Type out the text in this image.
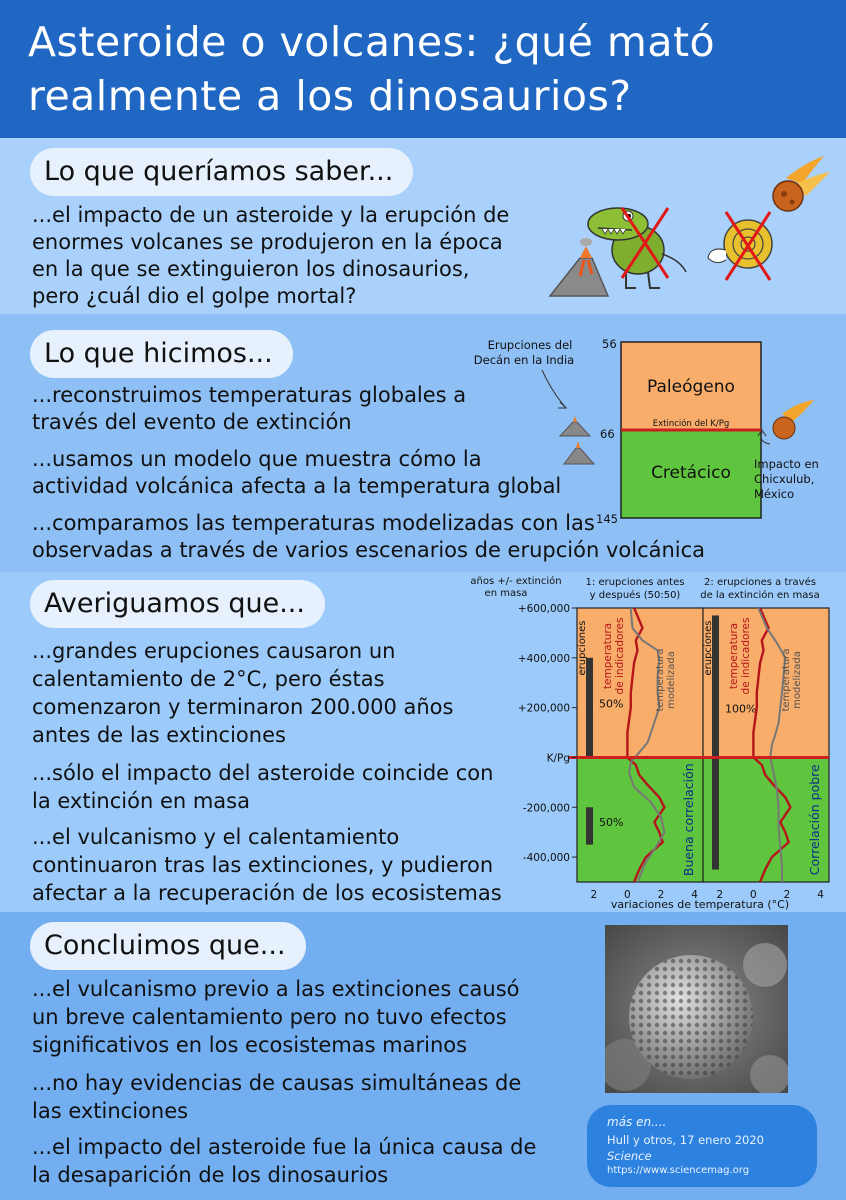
Asteroide o volcanes: ¿qué mató
realmente a los dinosaurios?
Lo que queríamos saber...
...el impacto de un asteroide y la erupción de
enormes volcanes se produjeron en la época
en la que se extinguieron los dinosaurios,
pero ¿cuál dio el golpe mortal?
Lo que hicimos...
...reconstruimos temperaturas globales a
través del evento de extinción
...usamos un modelo que muestra cómo la
actividad volcánica afecta a la temperatura global
...comparamos las temperaturas modelizadas con las
observadas a través de varios escenarios de erupción volcánica
Erupciones del
Decán en la India
56
66
145
Paleógeno
Extinción del K/Pg
Cretácico Impacto en
Chicxulub,
México
Averiguamos que...
...grandes erupciones causaron un
calentamiento de 2°C, pero éstas
comenzaron y terminaron 200.000 años
antes de las extinciones
...sólo el impacto del asteroide coincide con
la extinción en masa
...el vulcanismo y el calentamiento
continuaron tras las extinciones, y pudieron
afectar a la recuperación de los ecosistemas
años +/- extinción
en masa
1: erupciones antes
y después (50:50)
2: erupciones a través
de la extinción en masa
50%
50%
2	0	2	4
Buena correlación
erupciones temperatura de indicadores	temperatura modelizada
100%
2	0	2	4
Correlación pobre
erupciones temperatura de indicadores	temperatura modelizada
+600,000
+400,000
+200,000
K/Pg
-200,000
-400,000
variaciones de temperatura (°C)
Concluimos que...
...el vulcanismo previo a las extinciones causó
un breve calentamiento pero no tuvo efectos
significativos en los ecosistemas marinos
...no hay evidencias de causas simultáneas de
las extinciones
...el impacto del asteroide fue la única causa de
la desaparición de los dinosaurios
más en....
Hull y otros, 17 enero 2020
Science
https://www.sciencemag.org
